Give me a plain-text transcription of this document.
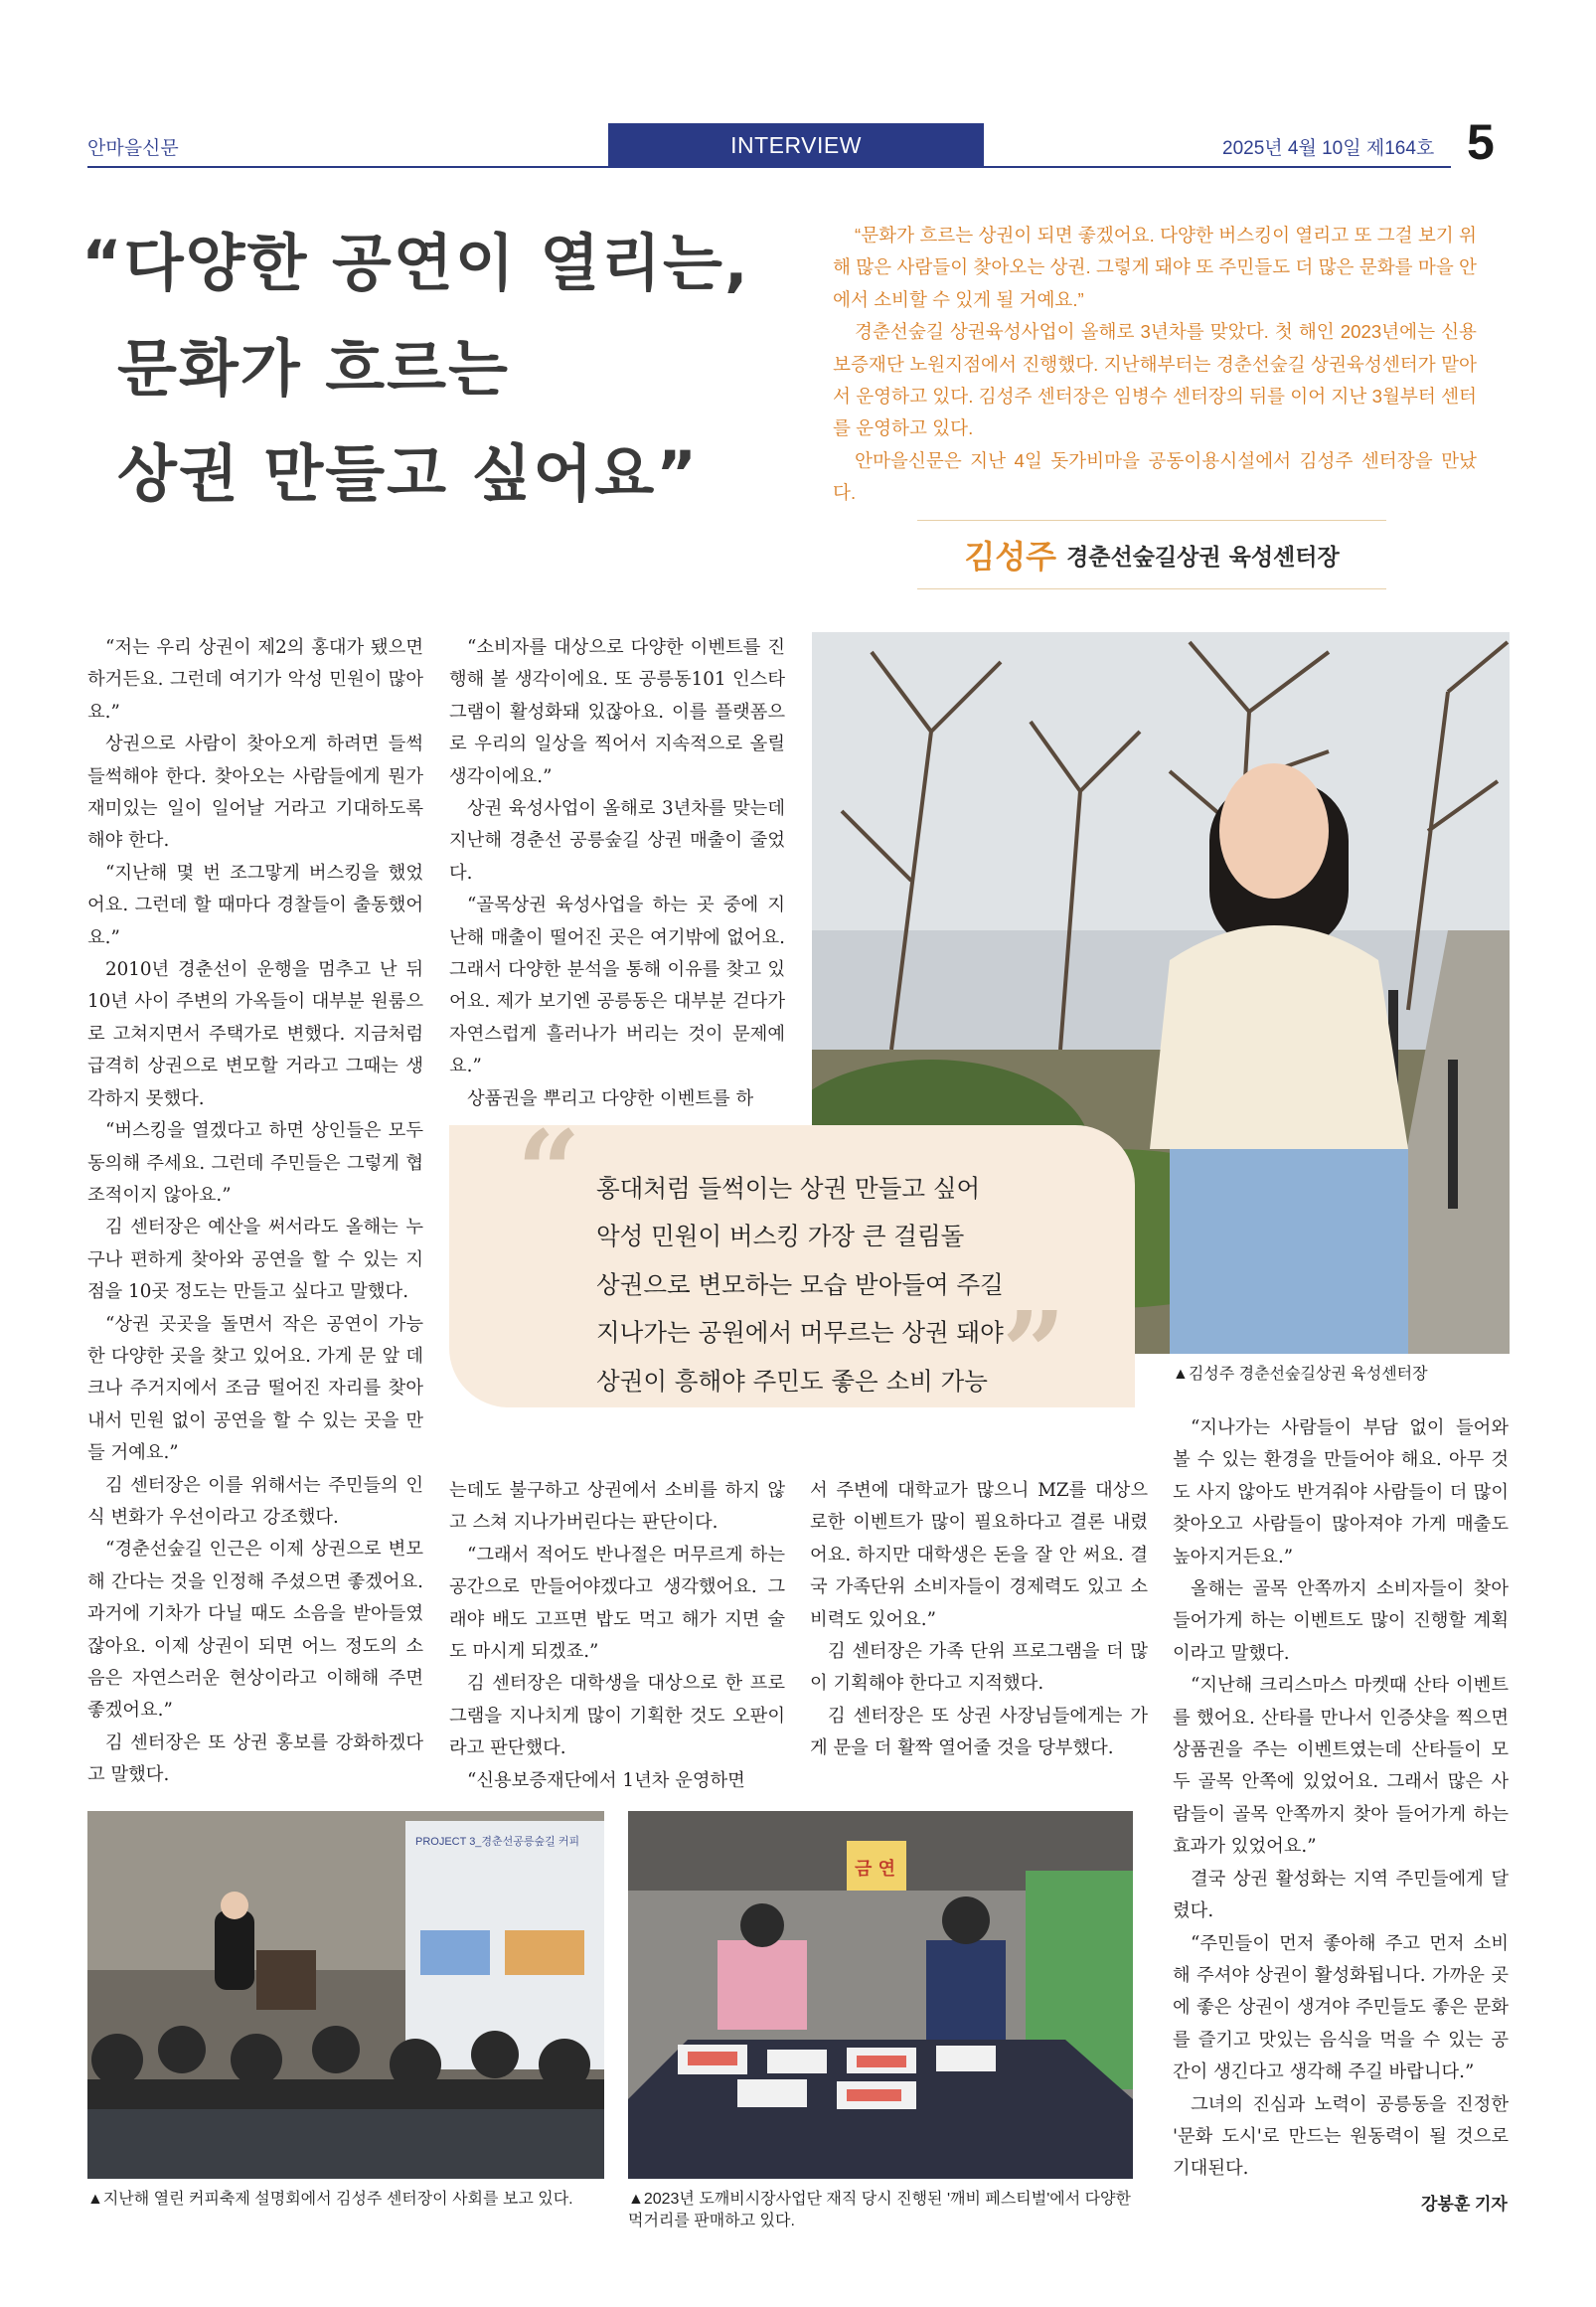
안마을신문	INTERVIEW	2025년 4월 10일 제164호 5
“다양한 공연이 열리는,
문화가 흐르는
상권 만들고 싶어요”

“문화가 흐르는 상권이 되면 좋겠어요. 다양한 버스킹이 열리고 또 그걸 보기 위해 많은 사람들이 찾아오는 상권. 그렇게 돼야 또 주민들도 더 많은 문화를 마을 안에서 소비할 수 있게 될 거예요.”

경춘선숲길 상권육성사업이 올해로 3년차를 맞았다. 첫 해인 2023년에는 신용보증재단 노원지점에서 진행했다. 지난해부터는 경춘선숲길 상권육성센터가 맡아서 운영하고 있다. 김성주 센터장은 임병수 센터장의 뒤를 이어 지난 3월부터 센터를 운영하고 있다.

안마을신문은 지난 4일 돗가비마을 공동이용시설에서 김성주 센터장을 만났다.

김성주 경춘선숲길상권 육성센터장

“저는 우리 상권이 제2의 홍대가 됐으면 하거든요. 그런데 여기가 악성 민원이 많아요.”

상권으로 사람이 찾아오게 하려면 들썩들썩해야 한다. 찾아오는 사람들에게 뭔가 재미있는 일이 일어날 거라고 기대하도록 해야 한다.

“지난해 몇 번 조그맣게 버스킹을 했었어요. 그런데 할 때마다 경찰들이 출동했어요.”

2010년 경춘선이 운행을 멈추고 난 뒤 10년 사이 주변의 가옥들이 대부분 원룸으로 고쳐지면서 주택가로 변했다. 지금처럼 급격히 상권으로 변모할 거라고 그때는 생각하지 못했다.

“버스킹을 열겠다고 하면 상인들은 모두 동의해 주세요. 그런데 주민들은 그렇게 협조적이지 않아요.”

김 센터장은 예산을 써서라도 올해는 누구나 편하게 찾아와 공연을 할 수 있는 지점을 10곳 정도는 만들고 싶다고 말했다.

“상권 곳곳을 돌면서 작은 공연이 가능한 다양한 곳을 찾고 있어요. 가게 문 앞 데크나 주거지에서 조금 떨어진 자리를 찾아내서 민원 없이 공연을 할 수 있는 곳을 만들 거예요.”

김 센터장은 이를 위해서는 주민들의 인식 변화가 우선이라고 강조했다.

“경춘선숲길 인근은 이제 상권으로 변모해 간다는 것을 인정해 주셨으면 좋겠어요. 과거에 기차가 다닐 때도 소음을 받아들였잖아요. 이제 상권이 되면 어느 정도의 소음은 자연스러운 현상이라고 이해해 주면 좋겠어요.”

김 센터장은 또 상권 홍보를 강화하겠다고 말했다.

“소비자를 대상으로 다양한 이벤트를 진행해 볼 생각이에요. 또 공릉동101 인스타그램이 활성화돼 있잖아요. 이를 플랫폼으로 우리의 일상을 찍어서 지속적으로 올릴 생각이에요.”

상권 육성사업이 올해로 3년차를 맞는데 지난해 경춘선 공릉숲길 상권 매출이 줄었다.

“골목상권 육성사업을 하는 곳 중에 지난해 매출이 떨어진 곳은 여기밖에 없어요. 그래서 다양한 분석을 통해 이유를 찾고 있어요. 제가 보기엔 공릉동은 대부분 걷다가 자연스럽게 흘러나가 버리는 것이 문제예요.”

상품권을 뿌리고 다양한 이벤트를 하

▲김성주 경춘선숲길상권 육성센터장
“ 홍대처럼 들썩이는 상권 만들고 싶어
악성 민원이 버스킹 가장 큰 걸림돌
상권으로 변모하는 모습 받아들여 주길
지나가는 공원에서 머무르는 상권 돼야
상권이 흥해야 주민도 좋은 소비 가능 ”

는데도 불구하고 상권에서 소비를 하지 않고 스쳐 지나가버린다는 판단이다.

“그래서 적어도 반나절은 머무르게 하는 공간으로 만들어야겠다고 생각했어요. 그래야 배도 고프면 밥도 먹고 해가 지면 술도 마시게 되겠죠.”

김 센터장은 대학생을 대상으로 한 프로그램을 지나치게 많이 기획한 것도 오판이라고 판단했다.

“신용보증재단에서 1년차 운영하면

서 주변에 대학교가 많으니 MZ를 대상으로한 이벤트가 많이 필요하다고 결론 내렸어요. 하지만 대학생은 돈을 잘 안 써요. 결국 가족단위 소비자들이 경제력도 있고 소비력도 있어요.”

김 센터장은 가족 단위 프로그램을 더 많이 기획해야 한다고 지적했다.

김 센터장은 또 상권 사장님들에게는 가게 문을 더 활짝 열어줄 것을 당부했다.

“지나가는 사람들이 부담 없이 들어와 볼 수 있는 환경을 만들어야 해요. 아무 것도 사지 않아도 반겨줘야 사람들이 더 많이 찾아오고 사람들이 많아져야 가게 매출도 높아지거든요.”

올해는 골목 안쪽까지 소비자들이 찾아 들어가게 하는 이벤트도 많이 진행할 계획이라고 말했다.

“지난해 크리스마스 마켓때 산타 이벤트를 했어요. 산타를 만나서 인증샷을 찍으면 상품권을 주는 이벤트였는데 산타들이 모두 골목 안쪽에 있었어요. 그래서 많은 사람들이 골목 안쪽까지 찾아 들어가게 하는 효과가 있었어요.”

결국 상권 활성화는 지역 주민들에게 달렸다.

“주민들이 먼저 좋아해 주고 먼저 소비해 주셔야 상권이 활성화됩니다. 가까운 곳에 좋은 상권이 생겨야 주민들도 좋은 문화를 즐기고 맛있는 음식을 먹을 수 있는 공간이 생긴다고 생각해 주길 바랍니다.”

그녀의 진심과 노력이 공릉동을 진정한 '문화 도시'로 만드는 원동력이 될 것으로 기대된다.

PROJECT 3_경춘선공릉숲길 커피
▲지난해 열린 커피축제 설명회에서 김성주 센터장이 사회를 보고 있다.
금 연
▲2023년 도깨비시장사업단 재직 당시 진행된 '깨비 페스티벌'에서 다양한 먹거리를 판매하고 있다.
강봉훈 기자
